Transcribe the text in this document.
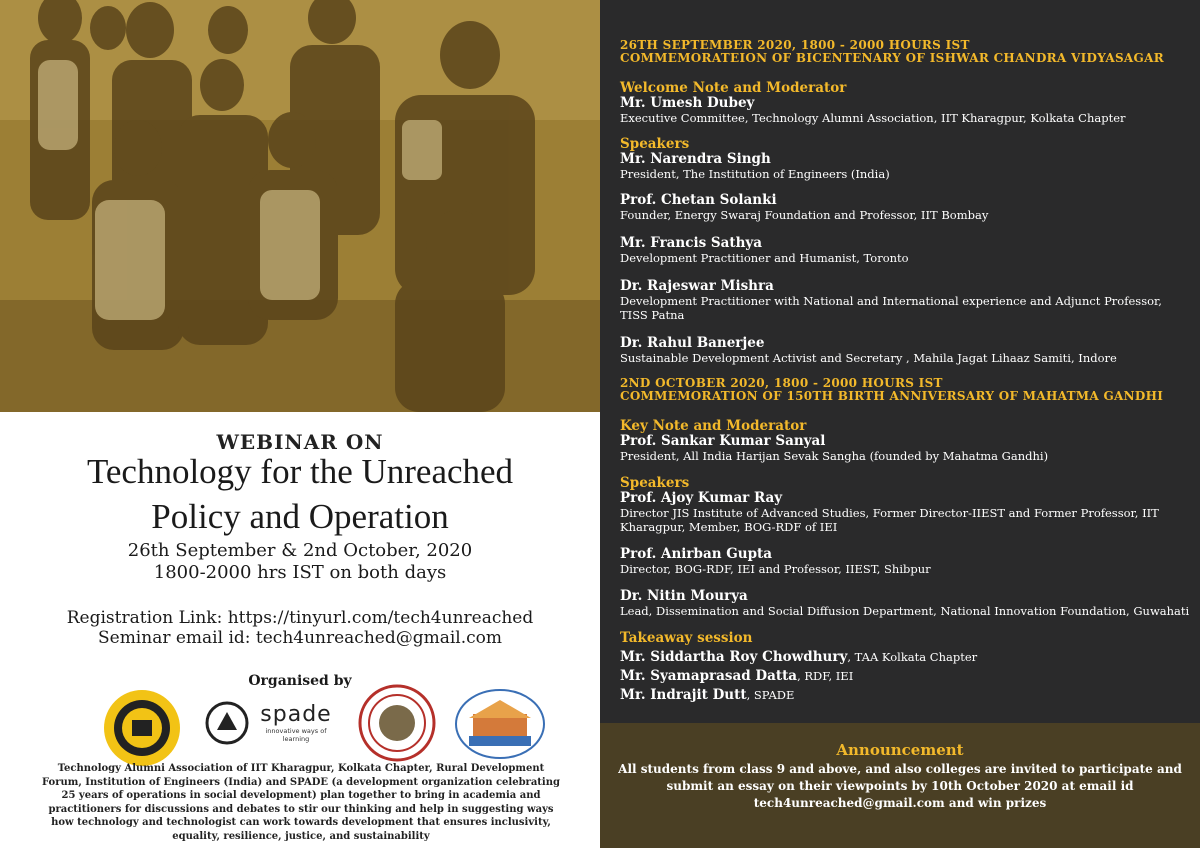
WEBINAR ON
Technology for the Unreached
Policy and Operation
26th September & 2nd October, 2020
1800-2000 hrs IST on both days
Registration Link: https://tinyurl.com/tech4unreached
Seminar email id: tech4unreached@gmail.com
Organised by
spade
innovative ways of learning
Technology Alumni Association of IIT Kharagpur, Kolkata Chapter, Rural Development Forum, Institution of Engineers (India) and SPADE (a development organization celebrating 25 years of operations in social development) plan together to bring in academia and practitioners for discussions and debates to stir our thinking and help in suggesting ways how technology and technologist can work towards development that ensures inclusivity, equality, resilience, justice, and sustainability
26TH SEPTEMBER 2020, 1800 - 2000 HOURS IST
COMMEMORATEION OF BICENTENARY OF ISHWAR CHANDRA VIDYASAGAR
Welcome Note and Moderator
Mr. Umesh Dubey
Executive Committee, Technology Alumni Association, IIT Kharagpur, Kolkata Chapter
Speakers
Mr. Narendra Singh
President, The Institution of Engineers (India)
Prof. Chetan Solanki
Founder, Energy Swaraj Foundation and Professor, IIT Bombay
Mr. Francis Sathya
Development Practitioner and Humanist, Toronto
Dr. Rajeswar Mishra
Development Practitioner with National and International experience and Adjunct Professor, TISS Patna
Dr. Rahul Banerjee
Sustainable Development Activist and Secretary , Mahila Jagat Lihaaz Samiti, Indore
2ND OCTOBER 2020, 1800 - 2000 HOURS IST
COMMEMORATION OF 150TH BIRTH ANNIVERSARY OF MAHATMA GANDHI
Key Note and Moderator
Prof. Sankar Kumar Sanyal
President, All India Harijan Sevak Sangha (founded by Mahatma Gandhi)
Speakers
Prof. Ajoy Kumar Ray
Director JIS Institute of Advanced Studies, Former Director-IIEST and Former Professor, IIT Kharagpur, Member, BOG-RDF of IEI
Prof. Anirban Gupta
Director, BOG-RDF, IEI and Professor, IIEST, Shibpur
Dr. Nitin Mourya
Lead, Dissemination and Social Diffusion Department, National Innovation Foundation, Guwahati
Takeaway session
Mr. Siddartha Roy Chowdhury, TAA Kolkata Chapter
Mr. Syamaprasad Datta, RDF, IEI
Mr. Indrajit Dutt, SPADE
Announcement
All students from class 9 and above, and also colleges are invited to participate and submit an essay on their viewpoints by 10th October 2020 at email id tech4unreached@gmail.com and win prizes
